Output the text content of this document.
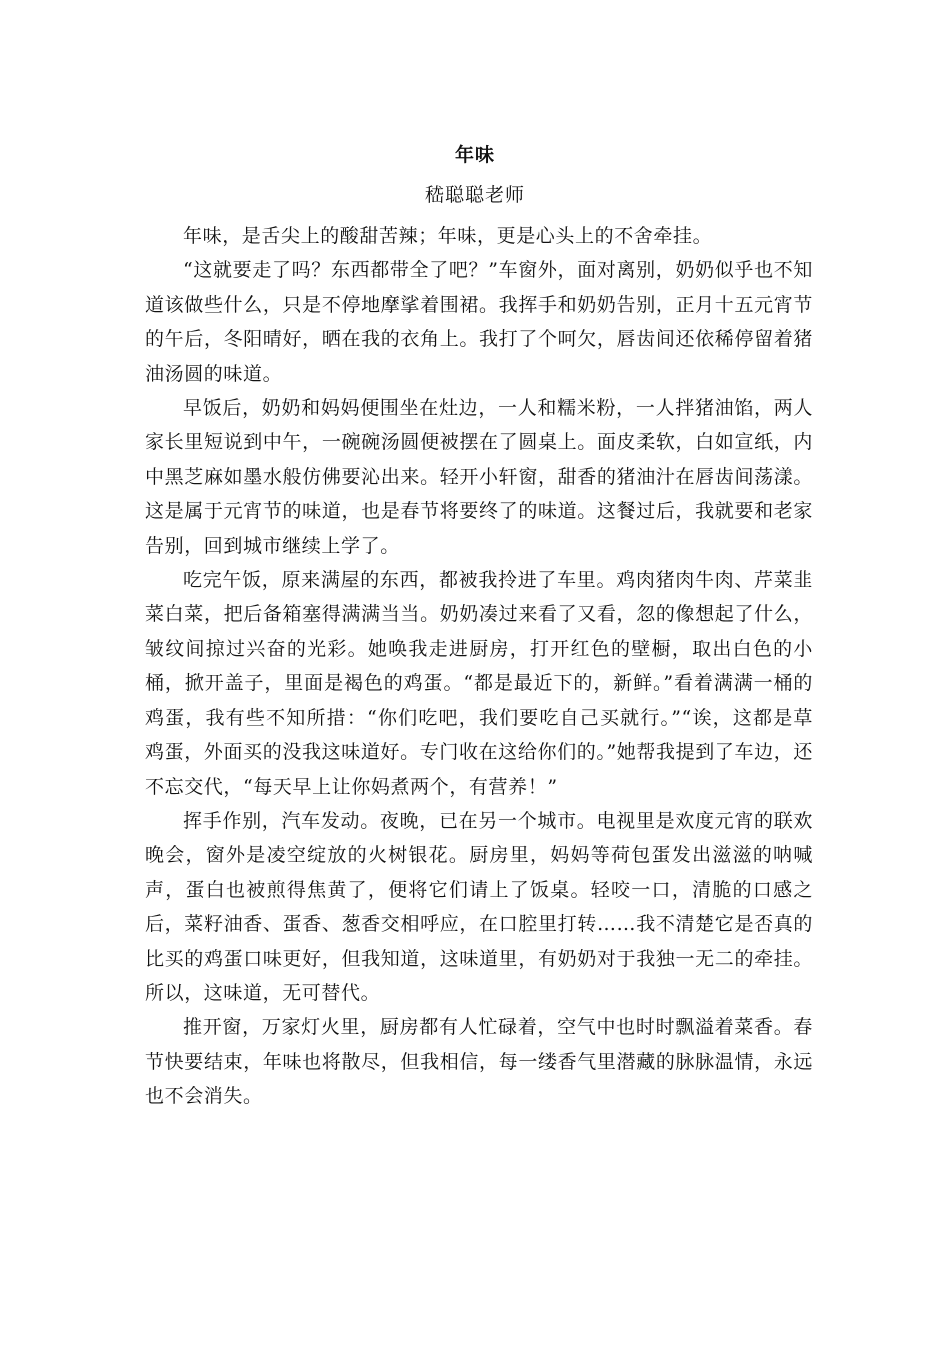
年味
嵇聪聪老师

年味，是舌尖上的酸甜苦辣；年味，更是心头上的不舍牵挂。

“这就要走了吗？东西都带全了吧？”车窗外，面对离别，奶奶似乎也不知道该做些什么，只是不停地摩挲着围裙。我挥手和奶奶告别，正月十五元宵节的午后，冬阳晴好，晒在我的衣角上。我打了个呵欠，唇齿间还依稀停留着猪油汤圆的味道。

早饭后，奶奶和妈妈便围坐在灶边，一人和糯米粉，一人拌猪油馅，两人家长里短说到中午，一碗碗汤圆便被摆在了圆桌上。面皮柔软，白如宣纸，内中黑芝麻如墨水般仿佛要沁出来。轻开小轩窗，甜香的猪油汁在唇齿间荡漾。这是属于元宵节的味道，也是春节将要终了的味道。这餐过后，我就要和老家告别，回到城市继续上学了。

吃完午饭，原来满屋的东西，都被我拎进了车里。鸡肉猪肉牛肉、芹菜韭菜白菜，把后备箱塞得满满当当。奶奶凑过来看了又看，忽的像想起了什么，皱纹间掠过兴奋的光彩。她唤我走进厨房，打开红色的壁橱，取出白色的小桶，掀开盖子，里面是褐色的鸡蛋。“都是最近下的，新鲜。”看着满满一桶的鸡蛋，我有些不知所措：“你们吃吧，我们要吃自己买就行。”“诶，这都是草鸡蛋，外面买的没我这味道好。专门收在这给你们的。”她帮我提到了车边，还不忘交代，“每天早上让你妈煮两个，有营养！”

挥手作别，汽车发动。夜晚，已在另一个城市。电视里是欢度元宵的联欢晚会，窗外是凌空绽放的火树银花。厨房里，妈妈等荷包蛋发出滋滋的呐喊声，蛋白也被煎得焦黄了，便将它们请上了饭桌。轻咬一口，清脆的口感之后，菜籽油香、蛋香、葱香交相呼应，在口腔里打转……我不清楚它是否真的比买的鸡蛋口味更好，但我知道，这味道里，有奶奶对于我独一无二的牵挂。所以，这味道，无可替代。

推开窗，万家灯火里，厨房都有人忙碌着，空气中也时时飘溢着菜香。春节快要结束，年味也将散尽，但我相信，每一缕香气里潜藏的脉脉温情，永远也不会消失。
